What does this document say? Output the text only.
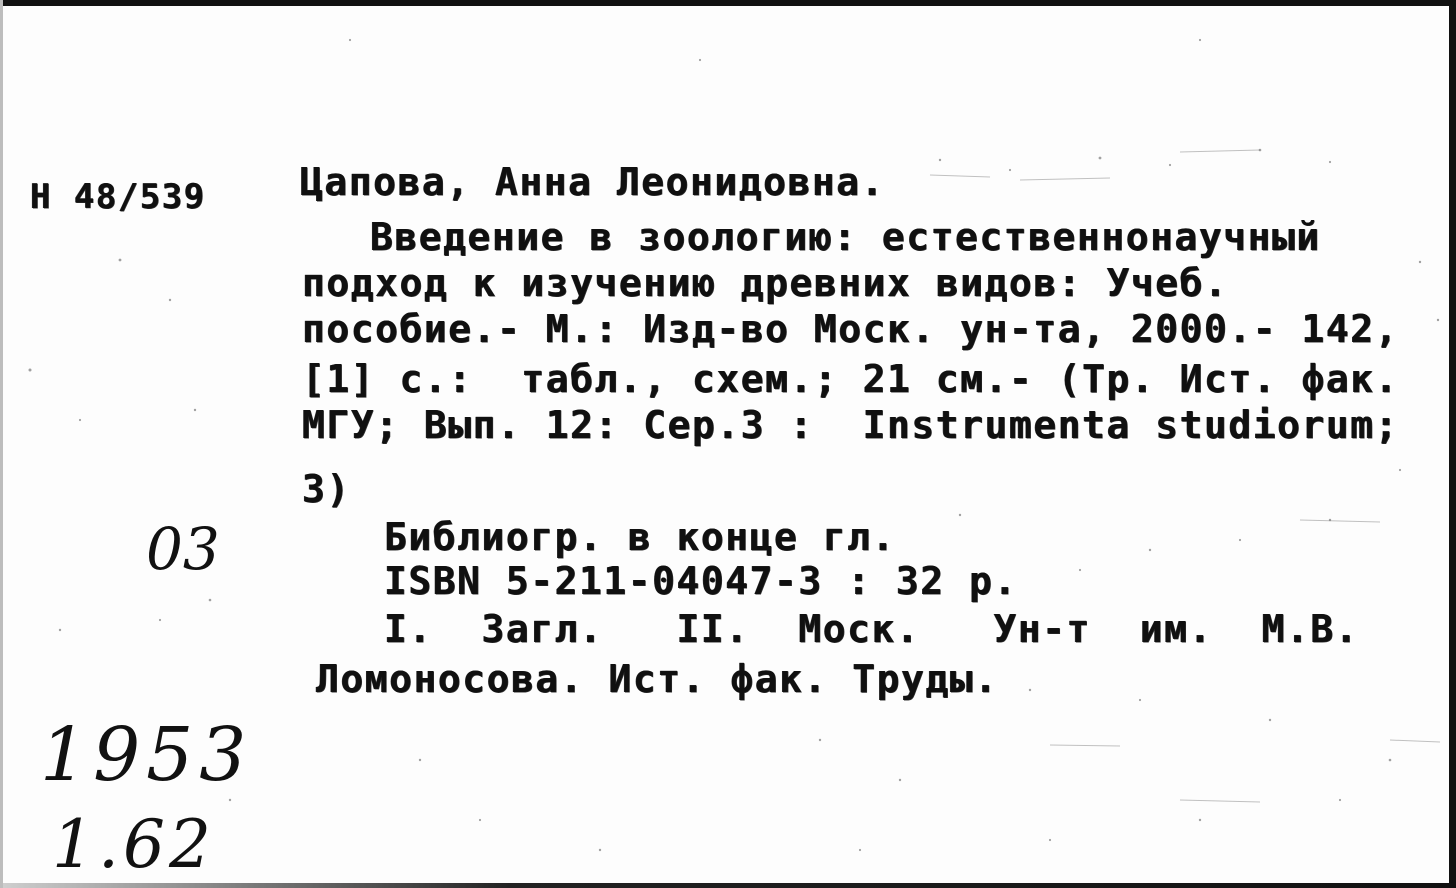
Н 48/539 Цапова, Анна Леонидовна.
Введение в зоологию: естественнонаучный
подход к изучению древних видов: Учеб.
пособие.- М.: Изд-во Моск. ун-та, 2000.- 142,
[1] с.:  табл., схем.; 21 см.- (Тр. Ист. фак.
МГУ; Вып. 12: Сер.3 :  Instrumenta studiorum;
3)
Библиогр. в конце гл.
ISBN 5-211-04047-3 : 32 р.
I.  Загл.   II.  Моск.   Ун-т  им.  М.В.
Ломоносова. Ист. фак. Труды.
03
1953
1.62
